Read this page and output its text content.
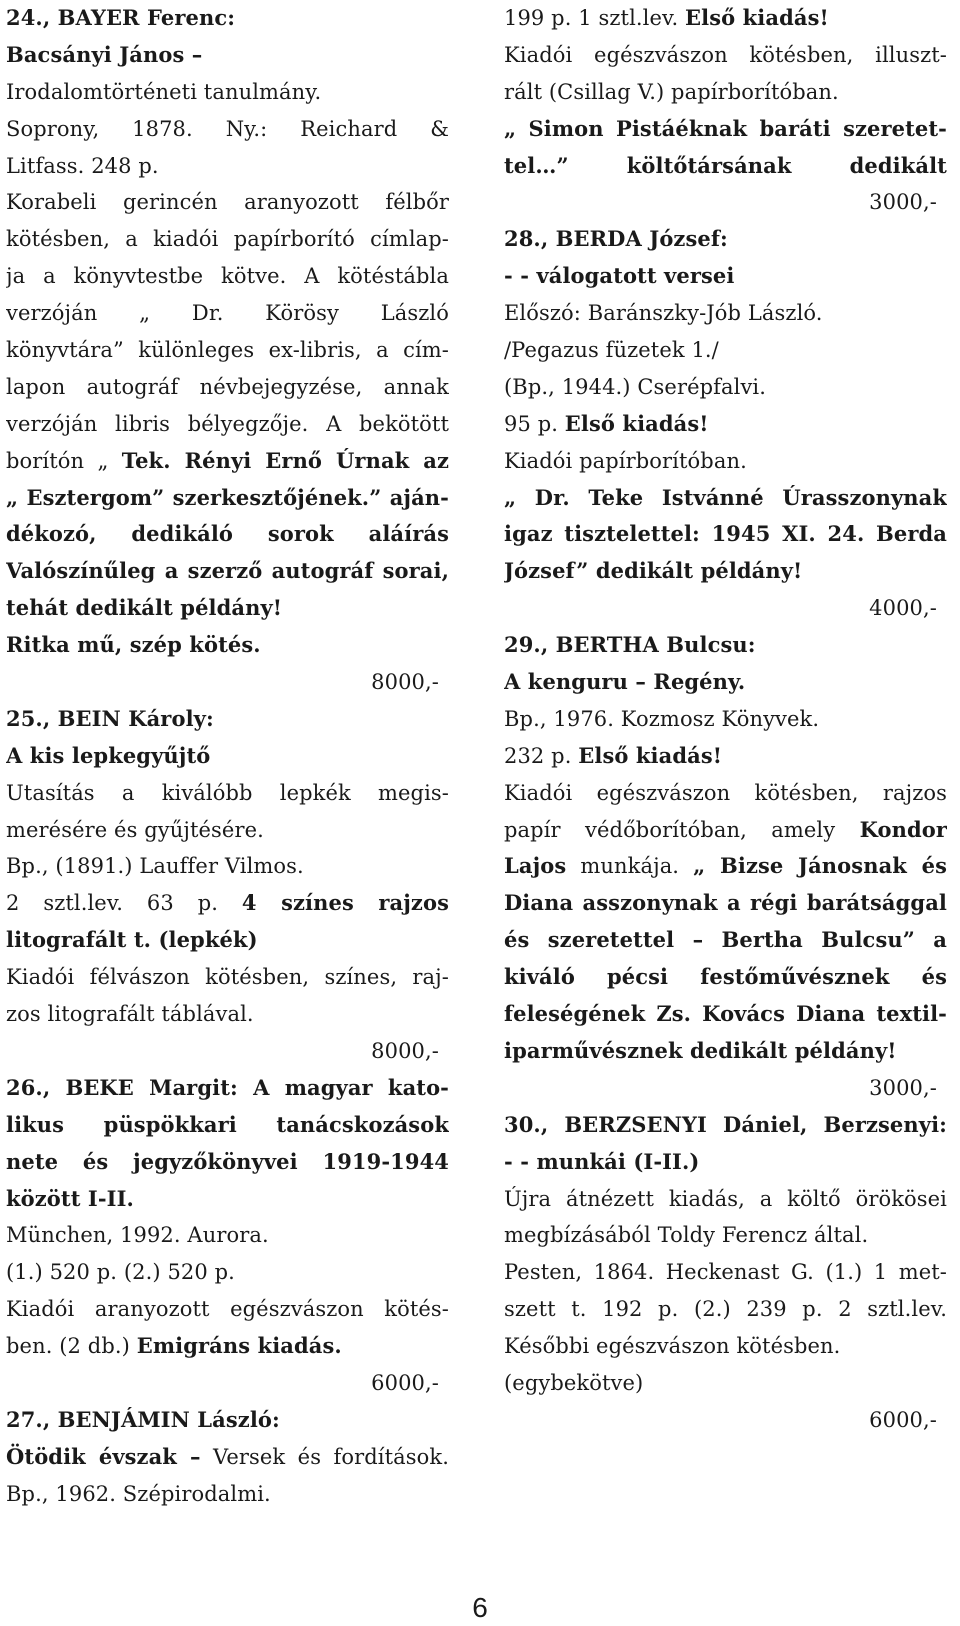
24., BAYER Ferenc:
Bacsányi János –
Irodalomtörténeti tanulmány.
Soprony, 1878. Ny.: Reichard &
Litfass. 248 p.
Korabeli gerincén aranyozott félbőr
kötésben, a kiadói papírborító címlap-
ja a könyvtestbe kötve. A kötéstábla
verzóján „ Dr. Körösy László
könyvtára” különleges ex-libris, a cím-
lapon autográf névbejegyzése, annak
verzóján libris bélyegzője. A bekötött
borítón „ Tek. Rényi Ernő Úrnak az
„ Esztergom” szerkesztőjének.” aján-
dékozó, dedikáló sorok aláírás
Valószínűleg a szerző autográf sorai,
tehát dedikált példány!
Ritka mű, szép kötés.
8000,-
25., BEIN Károly:
A kis lepkegyűjtő
Utasítás a kiválóbb lepkék megis-
merésére és gyűjtésére.
Bp., (1891.) Lauffer Vilmos.
2 sztl.lev. 63 p. 4 színes rajzos
litografált t. (lepkék)
Kiadói félvászon kötésben, színes, raj-
zos litografált táblával.
8000,-
26., BEKE Margit: A magyar kato-
likus püspökkari tanácskozások
nete és jegyzőkönyvei 1919-1944
között I-II.
München, 1992. Aurora.
(1.) 520 p. (2.) 520 p.
Kiadói aranyozott egészvászon kötés-
ben. (2 db.) Emigráns kiadás.
6000,-
27., BENJÁMIN László:
Ötödik évszak – Versek és fordítások.
Bp., 1962. Szépirodalmi.
199 p. 1 sztl.lev. Első kiadás!
Kiadói egészvászon kötésben, illuszt-
rált (Csillag V.) papírborítóban.
„ Simon Pistáéknak baráti szeretet-
tel…” költőtársának dedikált
3000,-
28., BERDA József:
- - válogatott versei
Előszó: Baránszky-Jób László.
/Pegazus füzetek 1./
(Bp., 1944.) Cserépfalvi.
95 p. Első kiadás!
Kiadói papírborítóban.
„ Dr. Teke Istvánné Úrasszonynak
igaz tisztelettel: 1945 XI. 24. Berda
József” dedikált példány!
4000,-
29., BERTHA Bulcsu:
A kenguru – Regény.
Bp., 1976. Kozmosz Könyvek.
232 p. Első kiadás!
Kiadói egészvászon kötésben, rajzos
papír védőborítóban, amely Kondor
Lajos munkája. „ Bizse Jánosnak és
Diana asszonynak a régi barátsággal
és szeretettel – Bertha Bulcsu” a
kiváló pécsi festőművésznek és
feleségének Zs. Kovács Diana textil-
iparművésznek dedikált példány!
3000,-
30., BERZSENYI Dániel, Berzsenyi:
- - munkái (I-II.)
Újra átnézett kiadás, a költő örökösei
megbízásából Toldy Ferencz által.
Pesten, 1864. Heckenast G. (1.) 1 met-
szett t. 192 p. (2.) 239 p. 2 sztl.lev.
Későbbi egészvászon kötésben.
(egybekötve)
6000,-
6
